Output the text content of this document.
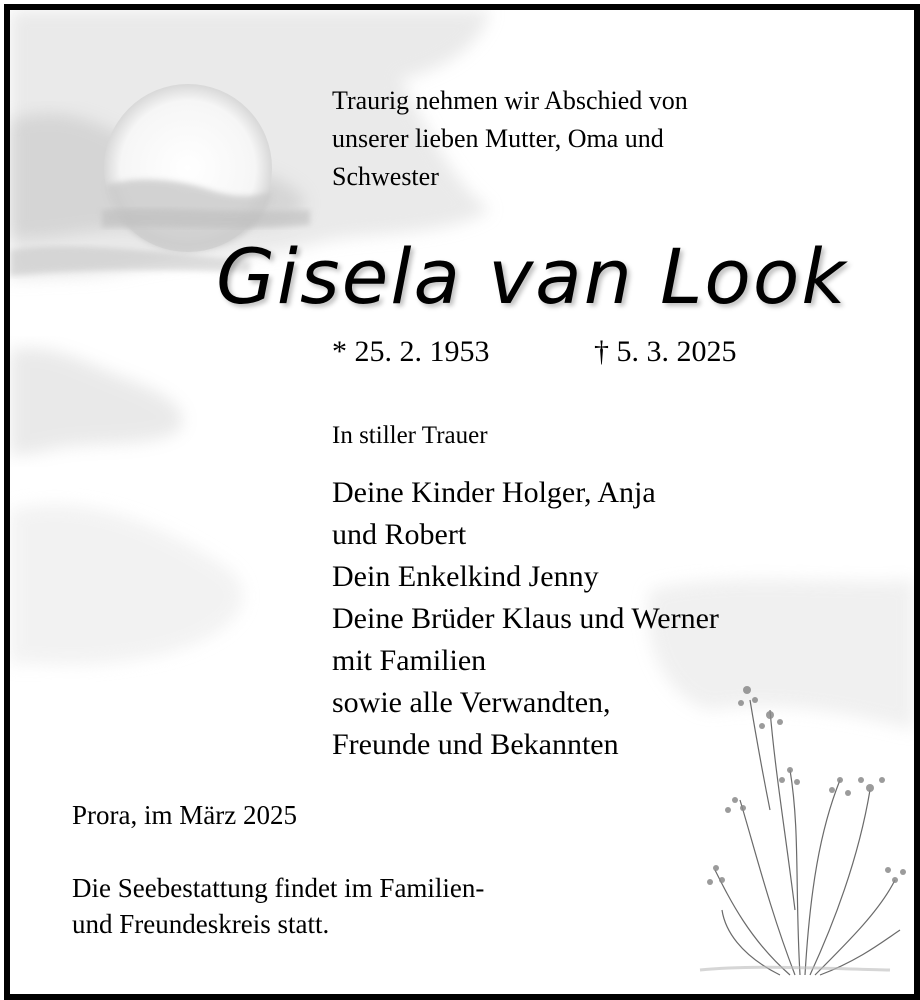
Traurig nehmen wir Abschied von
unserer lieben Mutter, Oma und
Schwester
Gisela van Look
* 25. 2. 1953	† 5. 3. 2025
In stiller Trauer
Deine Kinder Holger, Anja
und Robert
Dein Enkelkind Jenny
Deine Brüder Klaus und Werner
mit Familien
sowie alle Verwandten,
Freunde und Bekannten
Prora, im März 2025
Die Seebestattung findet im Familien-
und Freundeskreis statt.
